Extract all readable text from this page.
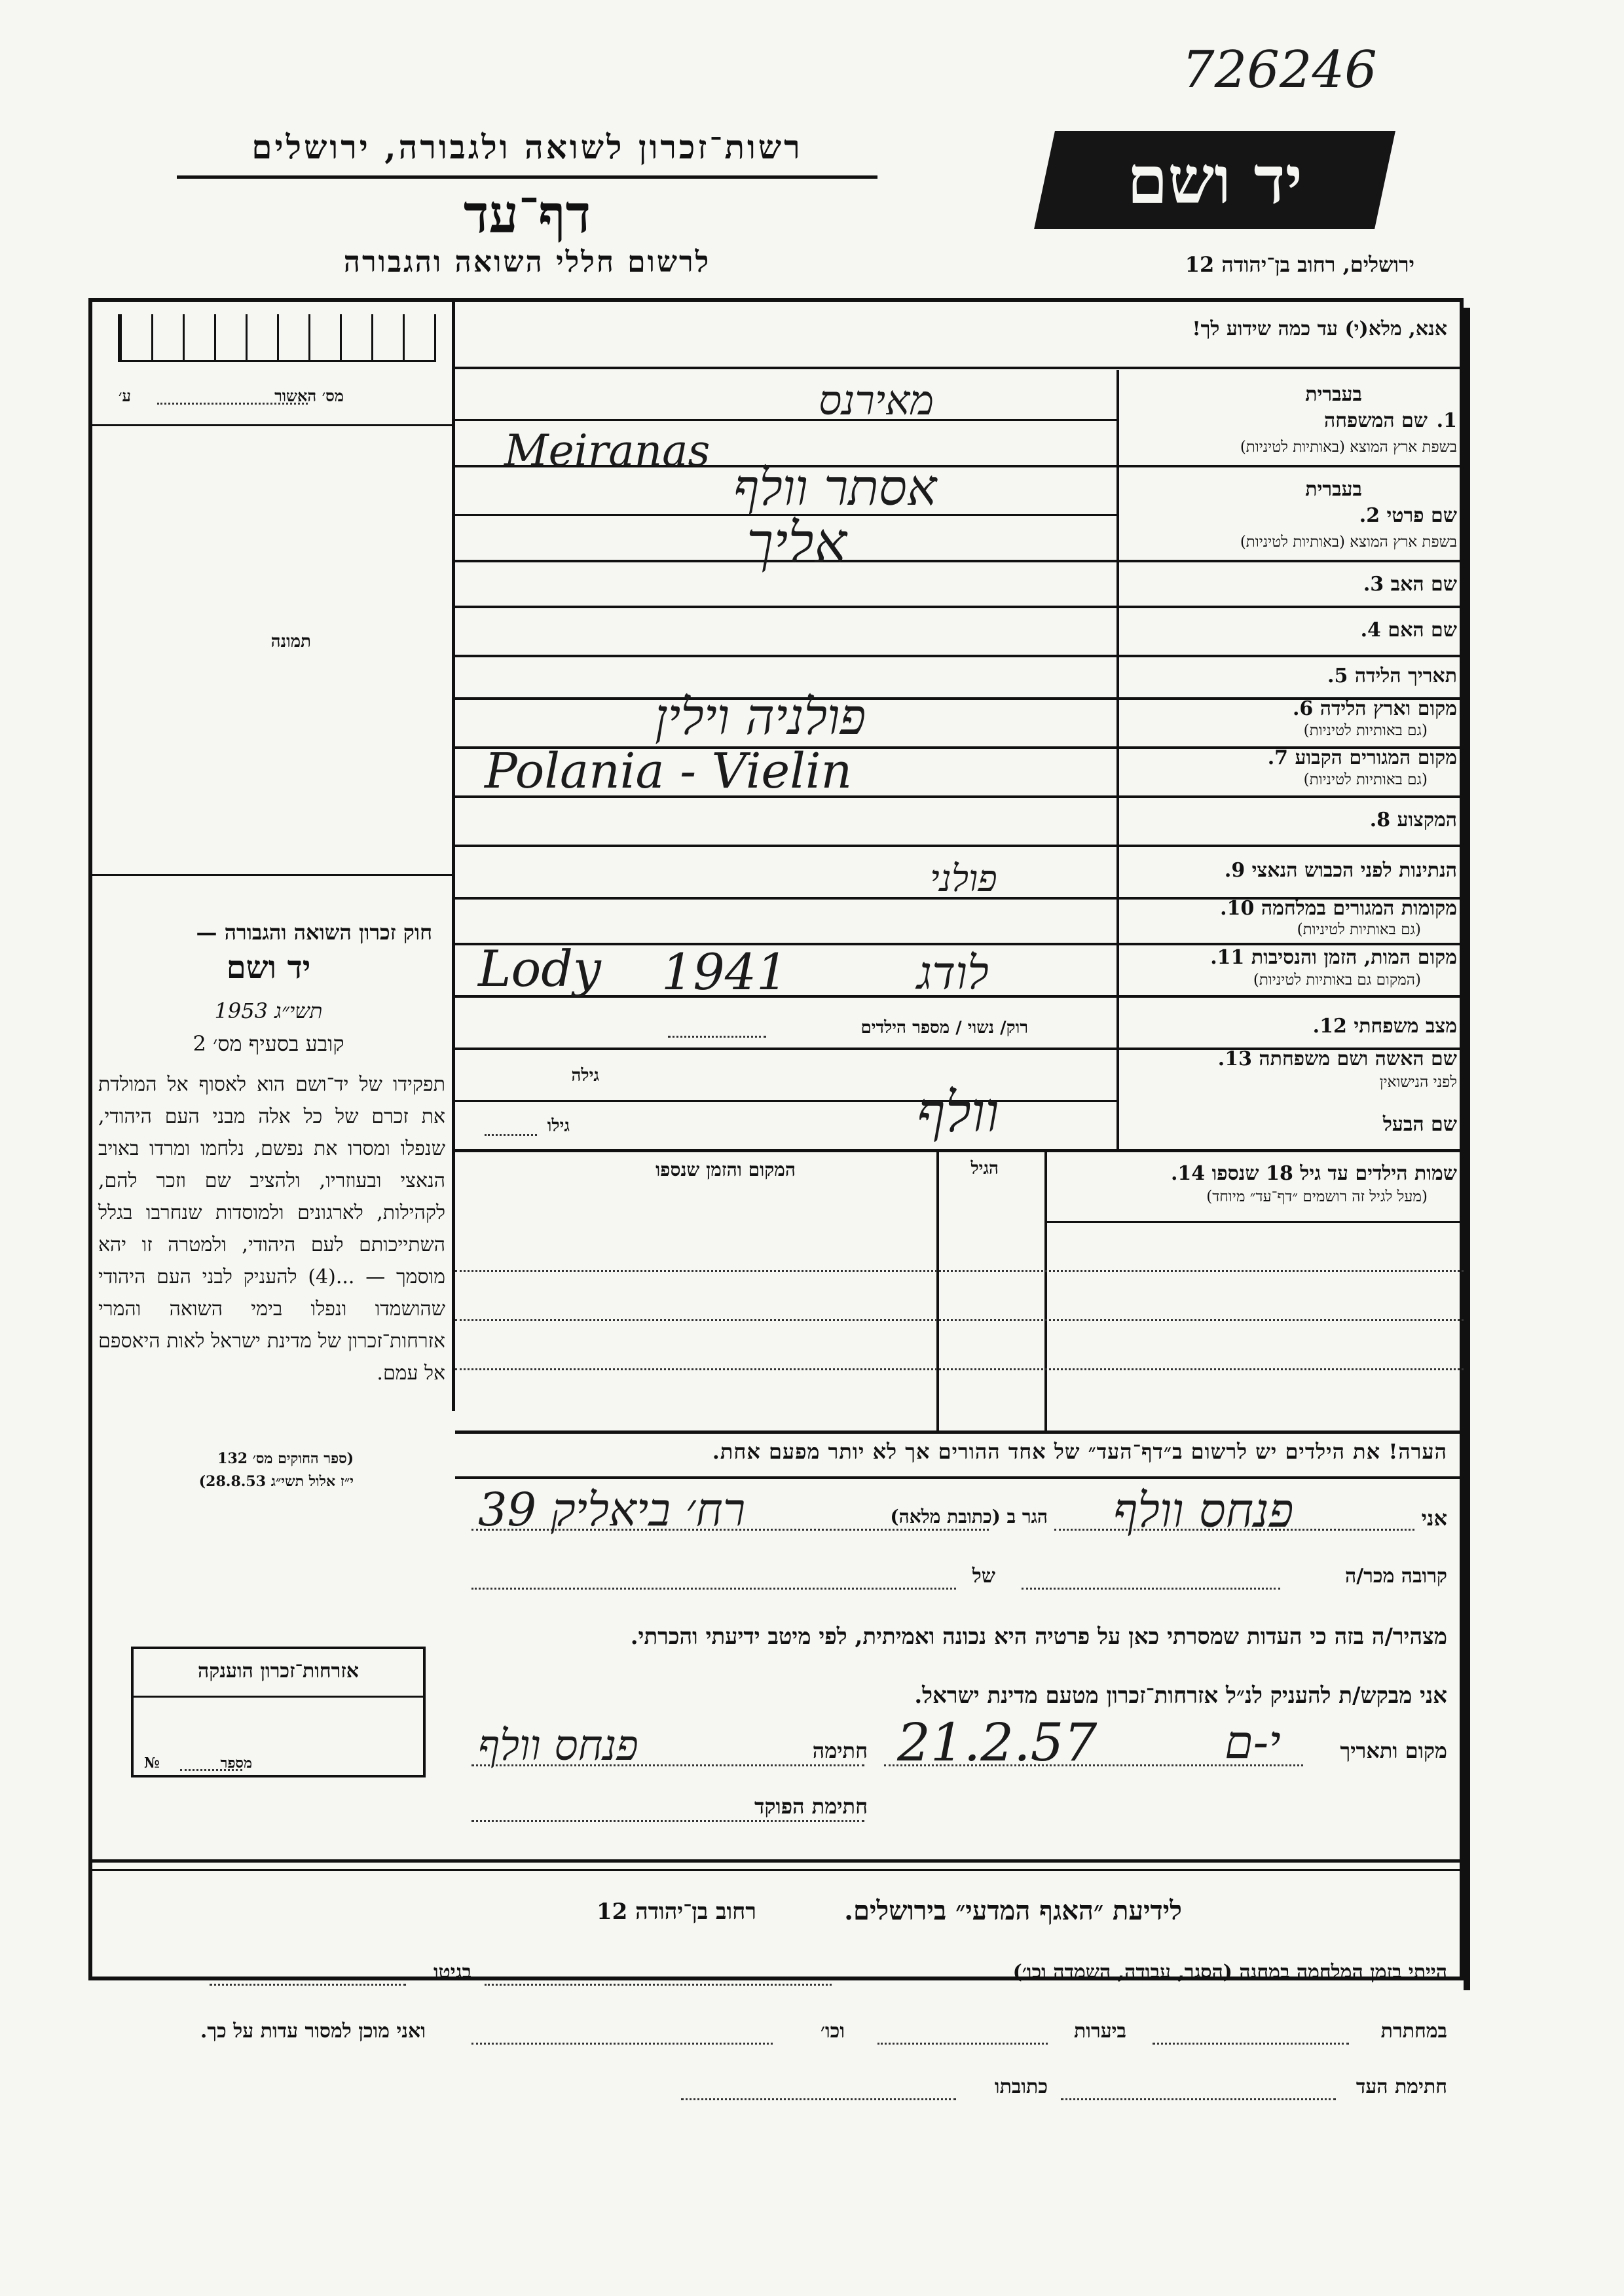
726246
רשות־זכרון לשואה ולגבורה, ירושלים
דף־עד
לרשום חללי השואה והגבורה
יד ושם
ירושלים, רחוב בן־יהודה 12
אנא, מלא(י) עד כמה שידוע לך!
מס׳ האשור
ע׳
תמונה
חוק זכרון השואה והגבורה —
יד ושם
תשי״ג 1953
קובע בסעיף מס׳ 2
תפקידו של יד־ושם הוא לאסוף אל המולדת את זכרם של כל אלה מבני העם היהודי, שנפלו ומסרו את נפשם, נלחמו ומרדו באויב הנאצי ובעוזריו, ולהציב שם וזכר להם, לקהילות, לארגונים ולמוסדות שנחרבו בגלל השתייכותם לעם היהודי, ולמטרה זו יהא מוסמך — ...(4) להעניק לבני העם היהודי שהושמדו ונפלו בימי השואה והמרי אזרחות־זכרון של מדינת ישראל לאות היאספם אל עמם.
(ספר החוקים מס׳ 132
י״ז אלול תשי״ג 28.8.53)
אזרחות־זכרון הוענקה
מספר
№
1.
שם המשפחה
בעברית
בשפת ארץ המוצא (באותיות לטיניות)
מאירנס
Meiranas
שם פרטי 2.
בעברית
בשפת ארץ המוצא (באותיות לטיניות)
אסתר וולף
שם האב 3.
אליך
שם האם 4.
תאריך הלידה 5.
מקום וארץ הלידה 6.
(גם באותיות לטיניות)
פולניה וילין
מקום המגורים הקבוע 7.
(גם באותיות לטיניות)
Polania - Vielin
המקצוע 8.
הנתינות לפני הכבוש הנאצי 9.
פולני
מקומות המגורים במלחמה 10.
(גם באותיות לטיניות)
מקום המות, הזמן והנסיבות 11.
(המקום גם באותיות לטיניות)
Lody 1941	לודג
מצב משפחתי 12.
רוק/ נשוי / מספר הילדים
שם האשה ושם משפחתה 13.
לפני הנישואין
גילה
וולף	שם הבעל
גילו
שמות הילדים עד גיל 18 שנספו 14.
(מעל לגיל זה רושמים ״דף־עד״ מיוחד)
הגיל
המקום והזמן שנספו
הערה! את הילדים יש לרשום ב״דף־העד״ של אחד ההורים אך לא יותר מפעם אחת.
אני
פנחס וולף
הגר ב (כתובת מלאה)
רח׳ ביאליק 39
קרובה מכר/ה
של
מצהיר/ה בזה כי העדות שמסרתי כאן על פרטיה היא נכונה ואמיתית, לפי מיטב ידיעתי והכרתי.
אני מבקש/ת להעניק לנ״ל אזרחות־זכרון מטעם מדינת ישראל.
מקום ותאריך
י-ם
21.2.57
חתימה
פנחס וולף
חתימת הפוקד
לידיעת ״האגף המדעי״ בירושלים.
רחוב בן־יהודה 12
הייתי בזמן המלחמה במחנה (הסגר, עבודה, השמדה וכו׳)
בגיטו
במחתרת
ביערות
וכו׳
ואני מוכן למסור עדות על כך.
חתימת העד
כתובתו
